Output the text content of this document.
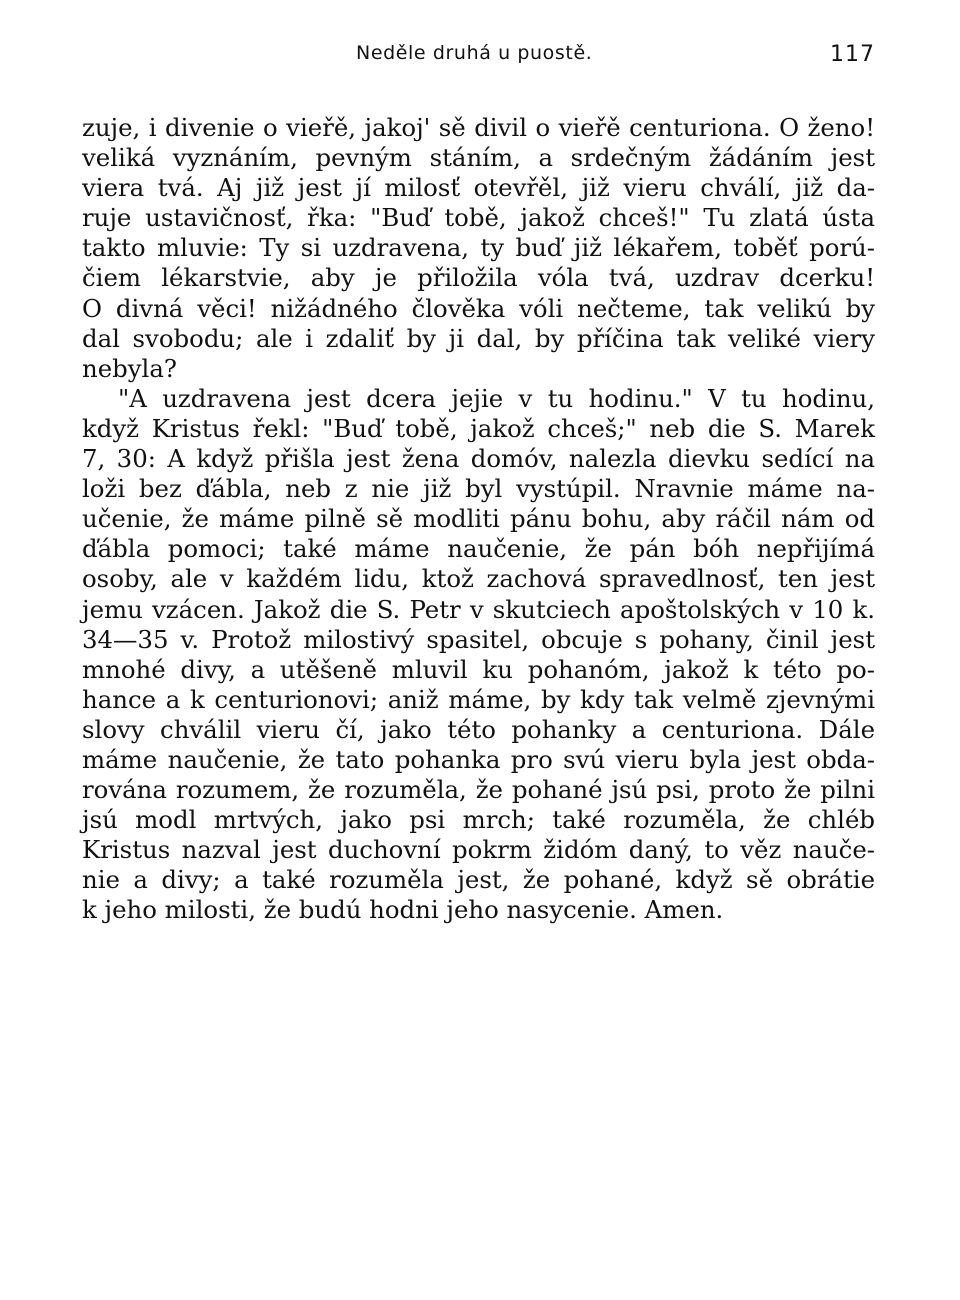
Neděle druhá u puostě.	117
zuje, i divenie o vieřě, jakoj' sě divil o vieřě centuriona. O ženo!
veliká vyznáním, pevným stáním, a srdečným žádáním jest
viera tvá. Aj již jest jí milosť otevřěl, již vieru chválí, již da-
ruje ustavičnosť, řka: "Buď tobě, jakož chceš!" Tu zlatá ústa
takto mluvie: Ty si uzdravena, ty buď již lékařem, toběť porú-
čiem lékarstvie, aby je přiložila vóla tvá, uzdrav dcerku!
O divná věci! nižádného člověka vóli nečteme, tak velikú by
dal svobodu; ale i zdaliť by ji dal, by příčina tak veliké viery
nebyla?
"A uzdravena jest dcera jejie v tu hodinu." V tu hodinu,
když Kristus řekl: "Buď tobě, jakož chceš;" neb die S. Marek
7, 30: A když přišla jest žena domóv, nalezla dievku sedící na
loži bez ďábla, neb z nie již byl vystúpil. Nravnie máme na-
učenie, že máme pilně sě modliti pánu bohu, aby ráčil nám od
ďábla pomoci; také máme naučenie, že pán bóh nepřijímá
osoby, ale v každém lidu, ktož zachová spravedlnosť, ten jest
jemu vzácen. Jakož die S. Petr v skutciech apoštolských v 10 k.
34—35 v. Protož milostivý spasitel, obcuje s pohany, činil jest
mnohé divy, a utěšeně mluvil ku pohanóm, jakož k této po-
hance a k centurionovi; aniž máme, by kdy tak velmě zjevnými
slovy chválil vieru čí, jako této pohanky a centuriona. Dále
máme naučenie, že tato pohanka pro svú vieru byla jest obda-
rována rozumem, že rozuměla, že pohané jsú psi, proto že pilni
jsú modl mrtvých, jako psi mrch; také rozuměla, že chléb
Kristus nazval jest duchovní pokrm židóm daný, to věz nauče-
nie a divy; a také rozuměla jest, že pohané, když sě obrátie
k jeho milosti, že budú hodni jeho nasycenie. Amen.
